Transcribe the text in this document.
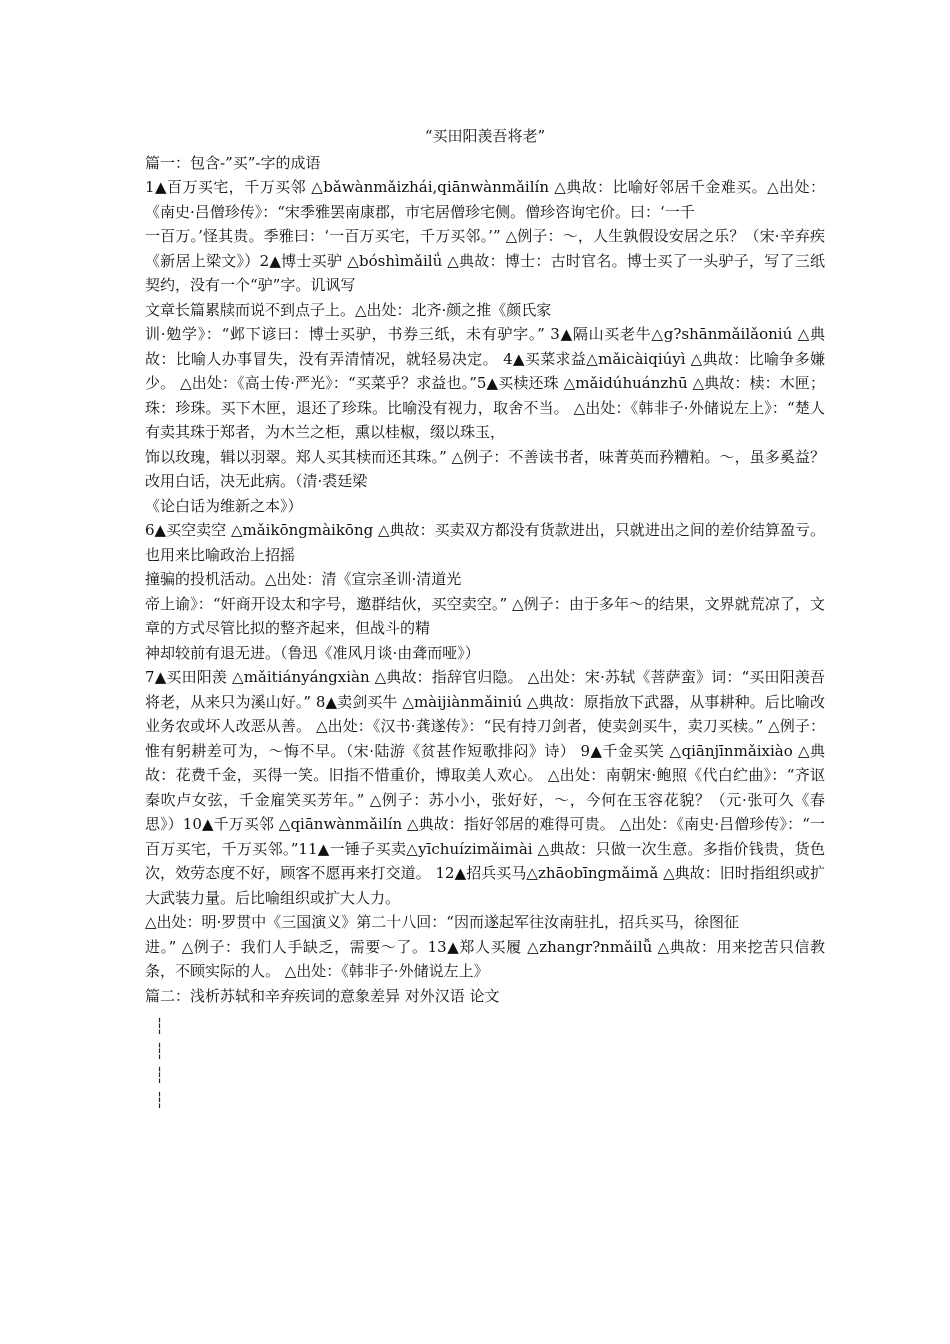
“买田阳羡吾将老”

篇一：包含-”买”-字的成语

1▲百万买宅，千万买邻 △bǎwànmǎizhái,qiānwànmǎilín △典故：比喻好邻居千金难买。△出处：《南史·吕僧珍传》：“宋季雅罢南康郡，市宅居僧珍宅侧。僧珍咨询宅价。曰：‘一千

一百万。’怪其贵。季雅曰：‘一百万买宅，千万买邻。’” △例子：～，人生孰假设安居之乐？（宋·辛弃疾《新居上梁文》）2▲博士买驴 △bóshìmǎilǘ △典故：博士：古时官名。博士买了一头驴子，写了三纸契约，没有一个“驴”字。讥讽写

文章长篇累牍而说不到点子上。△出处：北齐·颜之推《颜氏家

训·勉学》：“邺下谚曰：博士买驴，书券三纸，未有驴字。” 3▲隔山买老牛△g?shānmǎilǎoniú △典故：比喻人办事冒失，没有弄清情况，就轻易决定。 4▲买菜求益△mǎicàiqiúyì △典故：比喻争多嫌少。 △出处：《高士传·严光》：“买菜乎？求益也。”5▲买椟还珠 △mǎidúhuánzhū △典故：椟：木匣；珠：珍珠。买下木匣，退还了珍珠。比喻没有视力，取舍不当。 △出处：《韩非子·外储说左上》：“楚人有卖其珠于郑者，为木兰之柜，熏以桂椒，缀以珠玉，

饰以玫瑰，辑以羽翠。郑人买其椟而还其珠。” △例子：不善读书者，味菁英而矜糟粕。～，虽多奚益？改用白话，决无此病。（清·裘廷梁

《论白话为维新之本》）

6▲买空卖空 △mǎikōngmàikōng △典故：买卖双方都没有货款进出，只就进出之间的差价结算盈亏。也用来比喻政治上招摇

撞骗的投机活动。△出处：清《宣宗圣训·清道光

帝上谕》：“奸商开设太和字号，邀群结伙，买空卖空。” △例子：由于多年～的结果，文界就荒凉了，文章的方式尽管比拟的整齐起来，但战斗的精

神却较前有退无进。（鲁迅《准风月谈·由聋而哑》）

7▲买田阳羡 △mǎitiányángxiàn △典故：指辞官归隐。 △出处：宋·苏轼《菩萨蛮》词：“买田阳羡吾将老，从来只为溪山好。” 8▲卖剑买牛 △màijiànmǎiniú △典故：原指放下武器，从事耕种。后比喻改业务农或坏人改恶从善。 △出处：《汉书·龚遂传》：“民有持刀剑者，使卖剑买牛，卖刀买椟。” △例子：惟有躬耕差可为，～悔不早。（宋·陆游《贫甚作短歌排闷》诗） 9▲千金买笑 △qiānjīnmǎixiào △典故：花费千金，买得一笑。旧指不惜重价，博取美人欢心。 △出处：南朝宋·鲍照《代白纻曲》：“齐讴秦吹卢女弦，千金雇笑买芳年。” △例子：苏小小，张好好，～，今何在玉容花貌？（元·张可久《春思》）10▲千万买邻 △qiānwànmǎilín △典故：指好邻居的难得可贵。 △出处：《南史·吕僧珍传》：“一百万买宅，千万买邻。”11▲一锤子买卖△yīchuízimǎimài △典故：只做一次生意。多指价钱贵，货色次，效劳态度不好，顾客不愿再来打交道。 12▲招兵买马△zhāobīngmǎimǎ △典故：旧时指组织或扩大武装力量。后比喻组织或扩大人力。

△出处：明·罗贯中《三国演义》第二十八回：“因而遂起军往汝南驻扎，招兵买马，徐图征

进。” △例子：我们人手缺乏，需要～了。13▲郑人买履 △zhangr?nmǎilǚ △典故：用来挖苦只信教条，不顾实际的人。 △出处：《韩非子·外储说左上》

篇二：浅析苏轼和辛弃疾词的意象差异 对外汉语 论文

┆
┆
┆
┆
